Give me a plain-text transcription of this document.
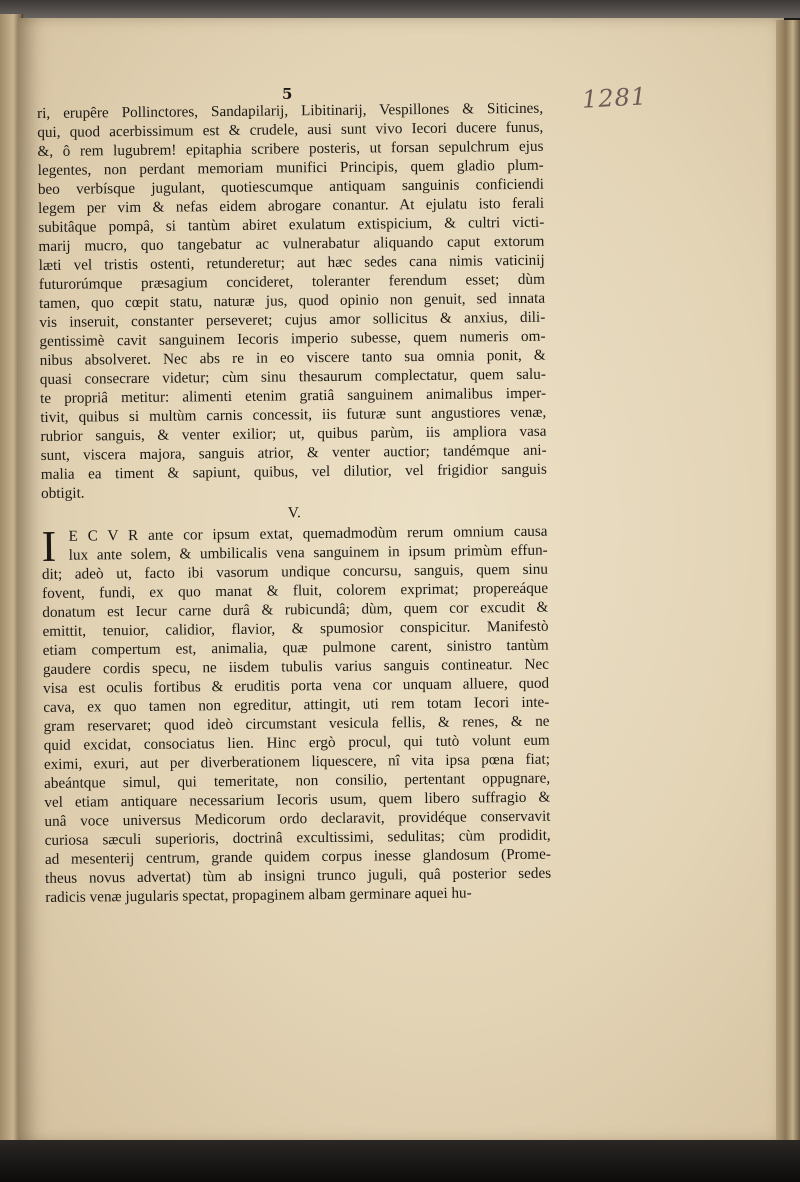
1281
5
ri, erupêre Pollinctores, Sandapilarij, Libitinarij, Vespillones & Siticines,
qui, quod acerbissimum est & crudele, ausi sunt vivo Iecori ducere funus,
&, ô rem lugubrem! epitaphia scribere posteris, ut forsan sepulchrum ejus
legentes, non perdant memoriam munifici Principis, quem gladio plum-
beo verbísque jugulant, quotiescumque antiquam sanguinis conficiendi
legem per vim & nefas eidem abrogare conantur. At ejulatu isto ferali
subitâque pompâ, si tantùm abiret exulatum extispicium, & cultri victi-
marij mucro, quo tangebatur ac vulnerabatur aliquando caput extorum
læti vel tristis ostenti, retunderetur; aut hæc sedes cana nimis vaticinij
futurorúmque præsagium concideret, toleranter ferendum esset; dùm
tamen, quo cœpit statu, naturæ jus, quod opinio non genuit, sed innata
vis inseruit, constanter perseveret; cujus amor sollicitus & anxius, dili-
gentissimè cavit sanguinem Iecoris imperio subesse, quem numeris om-
nibus absolveret. Nec abs re in eo viscere tanto sua omnia ponit, &
quasi consecrare videtur; cùm sinu thesaurum complectatur, quem salu-
te propriâ metitur: alimenti etenim gratiâ sanguinem animalibus imper-
tivit, quibus si multùm carnis concessit, iis futuræ sunt angustiores venæ,
rubrior sanguis, & venter exilior; ut, quibus parùm, iis ampliora vasa
sunt, viscera majora, sanguis atrior, & venter auctior; tandémque ani-
malia ea timent & sapiunt, quibus, vel dilutior, vel frigidior sanguis
obtigit.
V.
I E C V R ante cor ipsum extat, quemadmodùm rerum omnium causa
lux ante solem, & umbilicalis vena sanguinem in ipsum primùm effun-
dit; adeò ut, facto ibi vasorum undique concursu, sanguis, quem sinu
fovent, fundi, ex quo manat & fluit, colorem exprimat; propereáque
donatum est Iecur carne durâ & rubicundâ; dùm, quem cor excudit &
emittit, tenuior, calidior, flavior, & spumosior conspicitur. Manifestò
etiam compertum est, animalia, quæ pulmone carent, sinistro tantùm
gaudere cordis specu, ne iisdem tubulis varius sanguis contineatur. Nec
visa est oculis fortibus & eruditis porta vena cor unquam alluere, quod
cava, ex quo tamen non egreditur, attingit, uti rem totam Iecori inte-
gram reservaret; quod ideò circumstant vesicula fellis, & renes, & ne
quid excidat, consociatus lien. Hinc ergò procul, qui tutò volunt eum
eximi, exuri, aut per diverberationem liquescere, nî vita ipsa pœna fiat;
abeántque simul, qui temeritate, non consilio, pertentant oppugnare,
vel etiam antiquare necessarium Iecoris usum, quem libero suffragio &
unâ voce universus Medicorum ordo declaravit, providéque conservavit
curiosa sæculi superioris, doctrinâ excultissimi, sedulitas; cùm prodidit,
ad mesenterij centrum, grande quidem corpus inesse glandosum (Prome-
theus novus advertat) tùm ab insigni trunco juguli, quâ posterior sedes
radicis venæ jugularis spectat, propaginem albam germinare aquei hu-
